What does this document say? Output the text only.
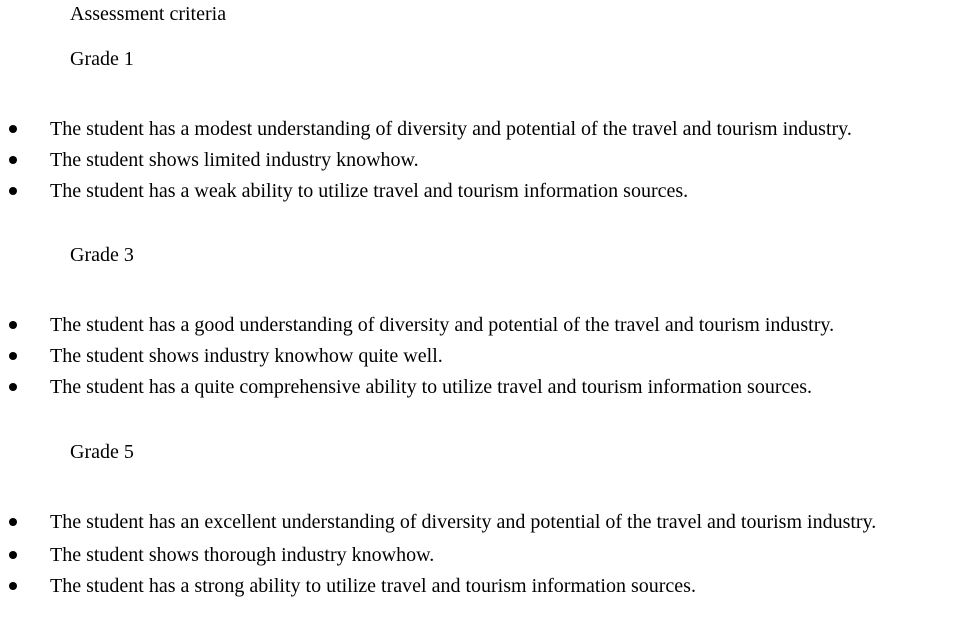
Assessment criteria
Grade 1
The student has a modest understanding of diversity and potential of the travel and tourism industry.
The student shows limited industry knowhow.
The student has a weak ability to utilize travel and tourism information sources.
Grade 3
The student has a good understanding of diversity and potential of the travel and tourism industry.
The student shows industry knowhow quite well.
The student has a quite comprehensive ability to utilize travel and tourism information sources.
Grade 5
The student has an excellent understanding of diversity and potential of the travel and tourism industry.
The student shows thorough industry knowhow.
The student has a strong ability to utilize travel and tourism information sources.
